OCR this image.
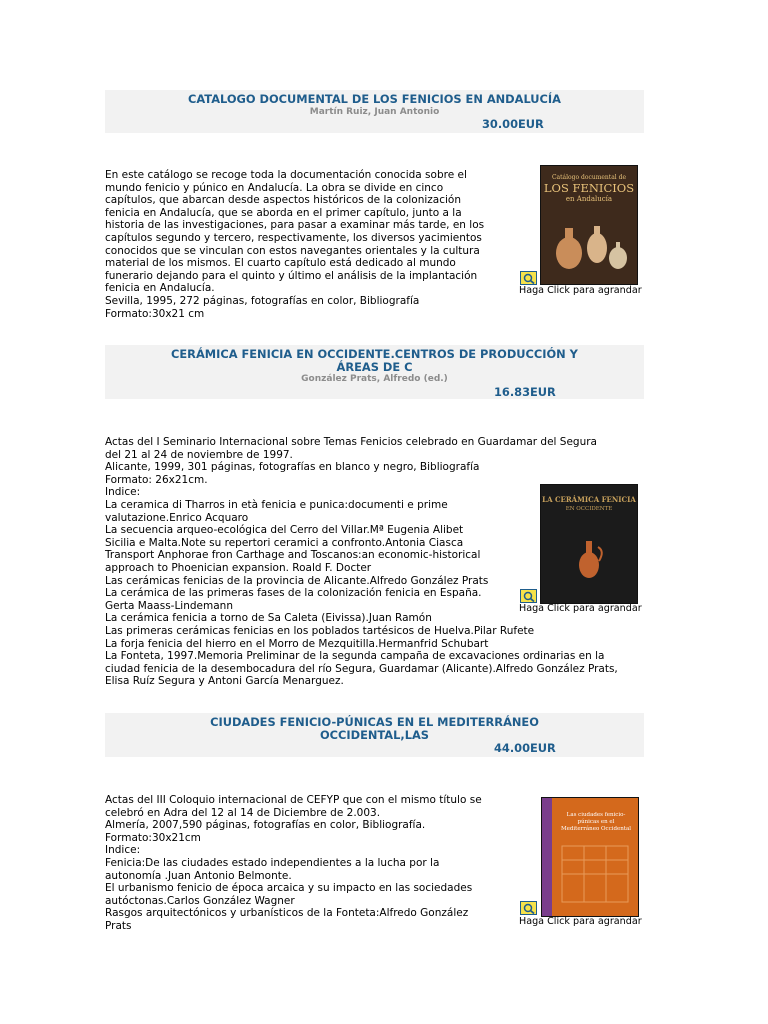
CATALOGO DOCUMENTAL DE LOS FENICIOS EN ANDALUCÍA
Martín Ruiz, Juan Antonio
30.00EUR
En este catálogo se recoge toda la documentación conocida sobre el
mundo fenicio y púnico en Andalucía. La obra se divide en cinco
capítulos, que abarcan desde aspectos históricos de la colonización
fenicia en Andalucía, que se aborda en el primer capítulo, junto a la
historia de las investigaciones, para pasar a examinar más tarde, en los
capítulos segundo y tercero, respectivamente, los diversos yacimientos
conocidos que se vinculan con estos navegantes orientales y la cultura
material de los mismos. El cuarto capítulo está dedicado al mundo
funerario dejando para el quinto y último el análisis de la implantación
fenicia en Andalucía.
Sevilla, 1995, 272 páginas, fotografías en color, Bibliografía
Formato:30x21 cm
Catálogo documental de
LOS FENICIOS
en Andalucía
Haga Click para agrandar
CERÁMICA FENICIA EN OCCIDENTE.CENTROS DE PRODUCCIÓN Y
ÁREAS DE C
González Prats, Alfredo (ed.)
16.83EUR
Actas del I Seminario Internacional sobre Temas Fenicios celebrado en Guardamar del Segura
del 21 al 24 de noviembre de 1997.
Alicante, 1999, 301 páginas, fotografías en blanco y negro, Bibliografía
Formato: 26x21cm.
Indice:
La ceramica di Tharros in età fenicia e punica:documenti e prime
valutazione.Enrico Acquaro
La secuencia arqueo-ecológica del Cerro del Villar.Mª Eugenia Alibet
Sicilia e Malta.Note su repertori ceramici a confronto.Antonia Ciasca
Transport Anphorae fron Carthage and Toscanos:an economic-historical
approach to Phoenician expansion. Roald F. Docter
Las cerámicas fenicias de la provincia de Alicante.Alfredo González Prats
La cerámica de las primeras fases de la colonización fenicia en España.
Gerta Maass-Lindemann
La cerámica fenicia a torno de Sa Caleta (Eivissa).Juan Ramón
Las primeras cerámicas fenicias en los poblados tartésicos de Huelva.Pilar Rufete
La forja fenicia del hierro en el Morro de Mezquitilla.Hermanfrid Schubart
La Fonteta, 1997.Memoria Preliminar de la segunda campaña de excavaciones ordinarias en la
ciudad fenicia de la desembocadura del río Segura, Guardamar (Alicante).Alfredo González Prats,
Elisa Ruíz Segura y Antoni García Menarguez.
LA CERÁMICA FENICIA
EN OCCIDENTE
Haga Click para agrandar
CIUDADES FENICIO-PÚNICAS EN EL MEDITERRÁNEO
OCCIDENTAL,LAS
44.00EUR
Actas del III Coloquio internacional de CEFYP que con el mismo título se
celebró en Adra del 12 al 14 de Diciembre de 2.003.
Almería, 2007,590 páginas, fotografías en color, Bibliografía.
Formato:30x21cm
Indice:
Fenicia:De las ciudades estado independientes a la lucha por la
autonomía .Juan Antonio Belmonte.
El urbanismo fenicio de época arcaica y su impacto en las sociedades
autóctonas.Carlos González Wagner
Rasgos arquitectónicos y urbanísticos de la Fonteta:Alfredo González
Prats
Las ciudades fenicio-púnicas en el Mediterráneo Occidental
Haga Click para agrandar
